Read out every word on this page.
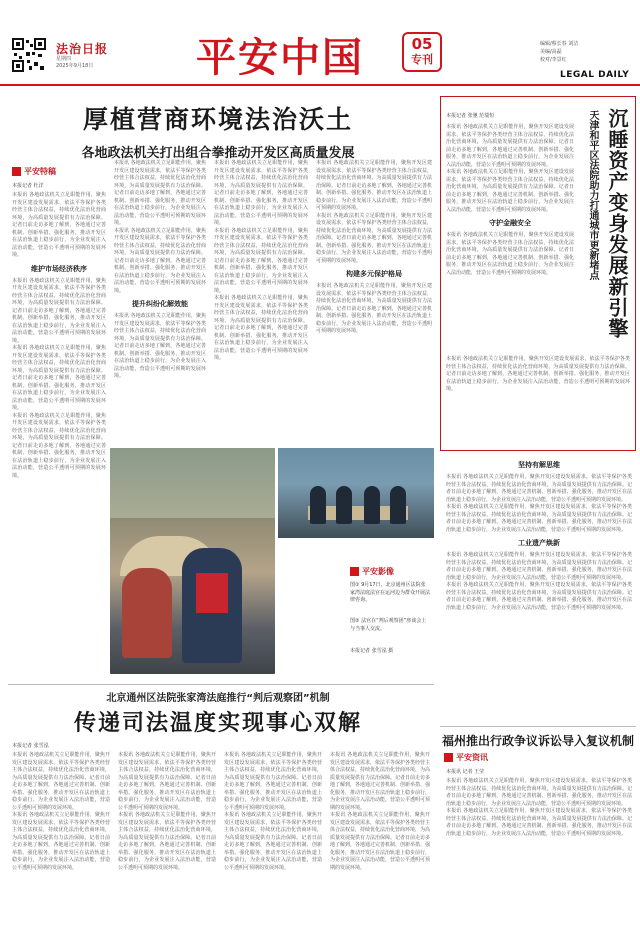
法治日报
星期四
2025年9月18日	平安中国	05
专刊
编辑/蔡长春 刘洁
美编/高磊
校对/李景红
LEGAL DAILY
厚植营商环境法治沃土
各地政法机关打出组合拳推动开发区高质量发展
平安特稿
本报记者 杜洋
本报讯 各地政法机关立足职能作用，聚焦开发区建设发展需求，依法平等保护各类经营主体合法权益，持续优化法治化营商环境，为高质量发展提供有力法治保障。记者日前走访多地了解到，各地通过完善机制、创新举措、强化服务，推动开发区在法治轨道上稳步前行，为企业发展注入法治动能，营造公平透明可预期的发展环境。
维护市场经济秩序
本报讯 各地政法机关立足职能作用，聚焦开发区建设发展需求，依法平等保护各类经营主体合法权益，持续优化法治化营商环境，为高质量发展提供有力法治保障。记者日前走访多地了解到，各地通过完善机制、创新举措、强化服务，推动开发区在法治轨道上稳步前行，为企业发展注入法治动能，营造公平透明可预期的发展环境。
本报讯 各地政法机关立足职能作用，聚焦开发区建设发展需求，依法平等保护各类经营主体合法权益，持续优化法治化营商环境，为高质量发展提供有力法治保障。记者日前走访多地了解到，各地通过完善机制、创新举措、强化服务，推动开发区在法治轨道上稳步前行，为企业发展注入法治动能，营造公平透明可预期的发展环境。
本报讯 各地政法机关立足职能作用，聚焦开发区建设发展需求，依法平等保护各类经营主体合法权益，持续优化法治化营商环境，为高质量发展提供有力法治保障。记者日前走访多地了解到，各地通过完善机制、创新举措、强化服务，推动开发区在法治轨道上稳步前行，为企业发展注入法治动能，营造公平透明可预期的发展环境。
本报讯 各地政法机关立足职能作用，聚焦开发区建设发展需求，依法平等保护各类经营主体合法权益，持续优化法治化营商环境，为高质量发展提供有力法治保障。记者日前走访多地了解到，各地通过完善机制、创新举措、强化服务，推动开发区在法治轨道上稳步前行，为企业发展注入法治动能，营造公平透明可预期的发展环境。
本报讯 各地政法机关立足职能作用，聚焦开发区建设发展需求，依法平等保护各类经营主体合法权益，持续优化法治化营商环境，为高质量发展提供有力法治保障。记者日前走访多地了解到，各地通过完善机制、创新举措、强化服务，推动开发区在法治轨道上稳步前行，为企业发展注入法治动能，营造公平透明可预期的发展环境。
提升纠纷化解效能
本报讯 各地政法机关立足职能作用，聚焦开发区建设发展需求，依法平等保护各类经营主体合法权益，持续优化法治化营商环境，为高质量发展提供有力法治保障。记者日前走访多地了解到，各地通过完善机制、创新举措、强化服务，推动开发区在法治轨道上稳步前行，为企业发展注入法治动能，营造公平透明可预期的发展环境。
本报讯 各地政法机关立足职能作用，聚焦开发区建设发展需求，依法平等保护各类经营主体合法权益，持续优化法治化营商环境，为高质量发展提供有力法治保障。记者日前走访多地了解到，各地通过完善机制、创新举措、强化服务，推动开发区在法治轨道上稳步前行，为企业发展注入法治动能，营造公平透明可预期的发展环境。
本报讯 各地政法机关立足职能作用，聚焦开发区建设发展需求，依法平等保护各类经营主体合法权益，持续优化法治化营商环境，为高质量发展提供有力法治保障。记者日前走访多地了解到，各地通过完善机制、创新举措、强化服务，推动开发区在法治轨道上稳步前行，为企业发展注入法治动能，营造公平透明可预期的发展环境。
本报讯 各地政法机关立足职能作用，聚焦开发区建设发展需求，依法平等保护各类经营主体合法权益，持续优化法治化营商环境，为高质量发展提供有力法治保障。记者日前走访多地了解到，各地通过完善机制、创新举措、强化服务，推动开发区在法治轨道上稳步前行，为企业发展注入法治动能，营造公平透明可预期的发展环境。
本报讯 各地政法机关立足职能作用，聚焦开发区建设发展需求，依法平等保护各类经营主体合法权益，持续优化法治化营商环境，为高质量发展提供有力法治保障。记者日前走访多地了解到，各地通过完善机制、创新举措、强化服务，推动开发区在法治轨道上稳步前行，为企业发展注入法治动能，营造公平透明可预期的发展环境。
本报讯 各地政法机关立足职能作用，聚焦开发区建设发展需求，依法平等保护各类经营主体合法权益，持续优化法治化营商环境，为高质量发展提供有力法治保障。记者日前走访多地了解到，各地通过完善机制、创新举措、强化服务，推动开发区在法治轨道上稳步前行，为企业发展注入法治动能，营造公平透明可预期的发展环境。
构建多元保护格局
本报讯 各地政法机关立足职能作用，聚焦开发区建设发展需求，依法平等保护各类经营主体合法权益，持续优化法治化营商环境，为高质量发展提供有力法治保障。记者日前走访多地了解到，各地通过完善机制、创新举措、强化服务，推动开发区在法治轨道上稳步前行，为企业发展注入法治动能，营造公平透明可预期的发展环境。
平安影像
图① 9月17日，北京通州区法院张家湾法庭法官在运河边为群众开展法律咨询。
图② 法官在“判后观察团”座谈会上与当事人交流。
本报记者 张雪泓 摄
北京通州区法院张家湾法庭推行“判后观察团”机制
传递司法温度实现事心双解
本报记者 张雪泓
本报讯 各地政法机关立足职能作用，聚焦开发区建设发展需求，依法平等保护各类经营主体合法权益，持续优化法治化营商环境，为高质量发展提供有力法治保障。记者日前走访多地了解到，各地通过完善机制、创新举措、强化服务，推动开发区在法治轨道上稳步前行，为企业发展注入法治动能，营造公平透明可预期的发展环境。
本报讯 各地政法机关立足职能作用，聚焦开发区建设发展需求，依法平等保护各类经营主体合法权益，持续优化法治化营商环境，为高质量发展提供有力法治保障。记者日前走访多地了解到，各地通过完善机制、创新举措、强化服务，推动开发区在法治轨道上稳步前行，为企业发展注入法治动能，营造公平透明可预期的发展环境。
本报讯 各地政法机关立足职能作用，聚焦开发区建设发展需求，依法平等保护各类经营主体合法权益，持续优化法治化营商环境，为高质量发展提供有力法治保障。记者日前走访多地了解到，各地通过完善机制、创新举措、强化服务，推动开发区在法治轨道上稳步前行，为企业发展注入法治动能，营造公平透明可预期的发展环境。
本报讯 各地政法机关立足职能作用，聚焦开发区建设发展需求，依法平等保护各类经营主体合法权益，持续优化法治化营商环境，为高质量发展提供有力法治保障。记者日前走访多地了解到，各地通过完善机制、创新举措、强化服务，推动开发区在法治轨道上稳步前行，为企业发展注入法治动能，营造公平透明可预期的发展环境。
本报讯 各地政法机关立足职能作用，聚焦开发区建设发展需求，依法平等保护各类经营主体合法权益，持续优化法治化营商环境，为高质量发展提供有力法治保障。记者日前走访多地了解到，各地通过完善机制、创新举措、强化服务，推动开发区在法治轨道上稳步前行，为企业发展注入法治动能，营造公平透明可预期的发展环境。
本报讯 各地政法机关立足职能作用，聚焦开发区建设发展需求，依法平等保护各类经营主体合法权益，持续优化法治化营商环境，为高质量发展提供有力法治保障。记者日前走访多地了解到，各地通过完善机制、创新举措、强化服务，推动开发区在法治轨道上稳步前行，为企业发展注入法治动能，营造公平透明可预期的发展环境。
本报讯 各地政法机关立足职能作用，聚焦开发区建设发展需求，依法平等保护各类经营主体合法权益，持续优化法治化营商环境，为高质量发展提供有力法治保障。记者日前走访多地了解到，各地通过完善机制、创新举措、强化服务，推动开发区在法治轨道上稳步前行，为企业发展注入法治动能，营造公平透明可预期的发展环境。
本报讯 各地政法机关立足职能作用，聚焦开发区建设发展需求，依法平等保护各类经营主体合法权益，持续优化法治化营商环境，为高质量发展提供有力法治保障。记者日前走访多地了解到，各地通过完善机制、创新举措、强化服务，推动开发区在法治轨道上稳步前行，为企业发展注入法治动能，营造公平透明可预期的发展环境。
本报记者 张驰 范瑞恒	沉睡资产变身发展新引擎
天津和平区法院助力打通城市更新堵点
本报讯 各地政法机关立足职能作用，聚焦开发区建设发展需求，依法平等保护各类经营主体合法权益，持续优化法治化营商环境，为高质量发展提供有力法治保障。记者日前走访多地了解到，各地通过完善机制、创新举措、强化服务，推动开发区在法治轨道上稳步前行，为企业发展注入法治动能，营造公平透明可预期的发展环境。
本报讯 各地政法机关立足职能作用，聚焦开发区建设发展需求，依法平等保护各类经营主体合法权益，持续优化法治化营商环境，为高质量发展提供有力法治保障。记者日前走访多地了解到，各地通过完善机制、创新举措、强化服务，推动开发区在法治轨道上稳步前行，为企业发展注入法治动能，营造公平透明可预期的发展环境。
守护金融安全
本报讯 各地政法机关立足职能作用，聚焦开发区建设发展需求，依法平等保护各类经营主体合法权益，持续优化法治化营商环境，为高质量发展提供有力法治保障。记者日前走访多地了解到，各地通过完善机制、创新举措、强化服务，推动开发区在法治轨道上稳步前行，为企业发展注入法治动能，营造公平透明可预期的发展环境。
本报讯 各地政法机关立足职能作用，聚焦开发区建设发展需求，依法平等保护各类经营主体合法权益，持续优化法治化营商环境，为高质量发展提供有力法治保障。记者日前走访多地了解到，各地通过完善机制、创新举措、强化服务，推动开发区在法治轨道上稳步前行，为企业发展注入法治动能，营造公平透明可预期的发展环境。
坚持有解思维
本报讯 各地政法机关立足职能作用，聚焦开发区建设发展需求，依法平等保护各类经营主体合法权益，持续优化法治化营商环境，为高质量发展提供有力法治保障。记者日前走访多地了解到，各地通过完善机制、创新举措、强化服务，推动开发区在法治轨道上稳步前行，为企业发展注入法治动能，营造公平透明可预期的发展环境。
本报讯 各地政法机关立足职能作用，聚焦开发区建设发展需求，依法平等保护各类经营主体合法权益，持续优化法治化营商环境，为高质量发展提供有力法治保障。记者日前走访多地了解到，各地通过完善机制、创新举措、强化服务，推动开发区在法治轨道上稳步前行，为企业发展注入法治动能，营造公平透明可预期的发展环境。
工业遗产焕新
本报讯 各地政法机关立足职能作用，聚焦开发区建设发展需求，依法平等保护各类经营主体合法权益，持续优化法治化营商环境，为高质量发展提供有力法治保障。记者日前走访多地了解到，各地通过完善机制、创新举措、强化服务，推动开发区在法治轨道上稳步前行，为企业发展注入法治动能，营造公平透明可预期的发展环境。
本报讯 各地政法机关立足职能作用，聚焦开发区建设发展需求，依法平等保护各类经营主体合法权益，持续优化法治化营商环境，为高质量发展提供有力法治保障。记者日前走访多地了解到，各地通过完善机制、创新举措、强化服务，推动开发区在法治轨道上稳步前行，为企业发展注入法治动能，营造公平透明可预期的发展环境。
福州推出行政争议诉讼导入复议机制
平安资讯
本报讯 记者 王莹
本报讯 各地政法机关立足职能作用，聚焦开发区建设发展需求，依法平等保护各类经营主体合法权益，持续优化法治化营商环境，为高质量发展提供有力法治保障。记者日前走访多地了解到，各地通过完善机制、创新举措、强化服务，推动开发区在法治轨道上稳步前行，为企业发展注入法治动能，营造公平透明可预期的发展环境。
本报讯 各地政法机关立足职能作用，聚焦开发区建设发展需求，依法平等保护各类经营主体合法权益，持续优化法治化营商环境，为高质量发展提供有力法治保障。记者日前走访多地了解到，各地通过完善机制、创新举措、强化服务，推动开发区在法治轨道上稳步前行，为企业发展注入法治动能，营造公平透明可预期的发展环境。
